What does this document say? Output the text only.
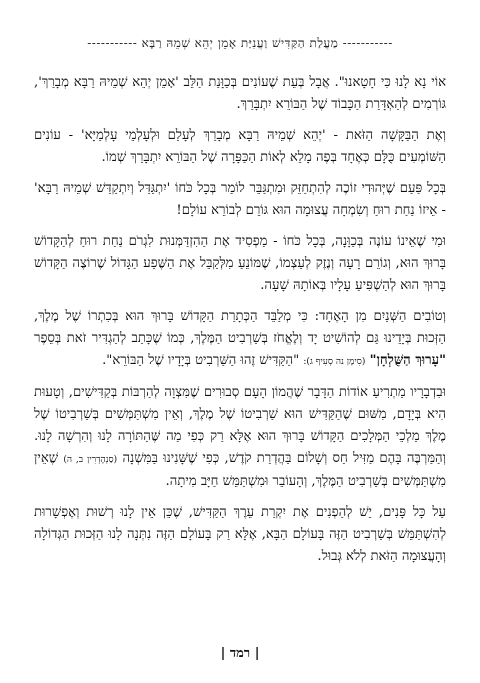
----------- מַעֲלַת הַקַּדִּישׁ וַעֲנִיַּת אָמֵן יְהֵא שְׁמֵהּ רַבָּא -----------

אוֹי נָא לָנוּ כִּי חָטָאנוּ". אֲבָל בְּעֵת שֶׁעוֹנִים בְּכַוָּנַת הַלֵּב 'אָמֵן יְהֵא שְׁמֵיהּ רַבָּא מְבָרַךְ', גּוֹרְמִים לְהַאְדָּרַת הַכָּבוֹד שֶׁל הַבּוֹרֵא יִתְבָּרַךְ.

וְאֶת הַבַּקָּשָׁה הַזֹּאת - 'יְהֵא שְׁמֵיהּ רַבָּא מְבָרַךְ לְעָלַם וּלְעָלְמֵי עָלְמַיָּא' - עוֹנִים הַשּׁוֹמְעִים כֻּלָּם כְּאֶחָד בְּפֶה מָלֵא לְאוֹת הַכַּפָּרָה שֶׁל הַבּוֹרֵא יִתְבָּרַךְ שְׁמוֹ.

בְּכָל פַּעַם שֶׁיְּהוּדִי זוֹכֶה לְהִתְחַזֵּק וּמִתְגַּבֵּר לוֹמַר בְּכָל כֹּחוֹ 'יִתְגַּדַּל וְיִתְקַדַּשׁ שְׁמֵיהּ רַבָּא' - אֵיזוֹ נַחַת רוּחַ וְשִׂמְחָה עֲצוּמָה הוּא גּוֹרֵם לְבוֹרֵא עוֹלָם!

וּמִי שֶׁאֵינוֹ עוֹנֶה בְּכַוָּנָה, בְּכָל כֹּחוֹ - מַפְסִיד אֶת הַהִזְדַּמְּנוּת לִגְרֹם נַחַת רוּחַ לְהַקָּדוֹשׁ בָּרוּךְ הוּא, וְגוֹרֵם רָעָה וְנֶזֶק לְעַצְמוֹ, שֶׁמּוֹנֵעַ מִלְּקַבֵּל אֶת הַשֶּׁפַע הַגָּדוֹל שֶׁרוֹצֶה הַקָּדוֹשׁ בָּרוּךְ הוּא לְהַשְׁפִּיעַ עָלָיו בְּאוֹתָהּ שָׁעָה.

וְטוֹבִים הַשְּׁנַיִם מִן הָאֶחָד: כִּי מְלַבֵּד הַכְּתָרַת הַקָּדוֹשׁ בָּרוּךְ הוּא בְּכִתְרוֹ שֶׁל מֶלֶךְ, הַזְּכוּת בְּיָדֵינוּ גַּם לְהוֹשִׁיט יָד וְלֶאֱחֹז בְּשַׁרְבִיט הַמֶּלֶךְ, כְּמוֹ שֶׁכָּתַב לְהַגְדִּיר זֹאת בְּסֵפֶר "עָרוּךְ הַשֻּׁלְחָן" (סִימָן נה סְעִיף ג): "הַקַּדִּישׁ זֶהוּ הַשַּׁרְבִיט בְּיָדָיו שֶׁל הַבּוֹרֵא".

וּבִדְבָרָיו מַתְרִיעַ אוֹדוֹת הַדָּבָר שֶׁהֲמוֹן הָעָם סְבוּרִים שֶׁמִּצְוָה לְהַרְבּוֹת בְּקַדִּישִׁים, וְטָעוּת הִיא בְּיָדָם, מִשּׁוּם שֶׁהַקַּדִּישׁ הוּא שַׁרְבִיטוֹ שֶׁל מֶלֶךְ, וְאֵין מִשְׁתַּמְּשִׁים בְּשַׁרְבִיטוֹ שֶׁל מֶלֶךְ מַלְכֵי הַמְּלָכִים הַקָּדוֹשׁ בָּרוּךְ הוּא אֶלָּא רַק כְּפִי מַה שֶּׁהַתּוֹרָה לָנוּ וְהִרְשָׁה לָנוּ. וְהַמַּרְבֶּה בָּהֶם מַזִּיל חַס וְשָׁלוֹם בַּהֲדְרַת קֹדֶשׁ, כְּפִי שֶׁשָּׁנִינוּ בַּמִּשְׁנָה (סַנְהֶדְרִין ב, ה) שֶׁאֵין מִשְׁתַּמְּשִׁים בְּשַׁרְבִיט הַמֶּלֶךְ, וְהָעוֹבֵר וּמִשְׁתַּמֵּשׁ חַיָּב מִיתָה.

עַל כָּל פָּנִים, יֵשׁ לְהַפְנִים אֶת יִקְרַת עֵרֶךְ הַקַּדִּישׁ, שֶׁכֵּן אֵין לָנוּ רְשׁוּת וְאֶפְשָׁרוּת לְהִשְׁתַּמֵּשׁ בְּשַׁרְבִיט הַזֶּה בָּעוֹלָם הַבָּא, אֶלָּא רַק בָּעוֹלָם הַזֶּה נִתְּנָה לָנוּ הַזְּכוּת הַגְּדוֹלָה וְהָעֲצוּמָה הַזֹּאת לְלֹא גְּבוּל.

| רמד |
